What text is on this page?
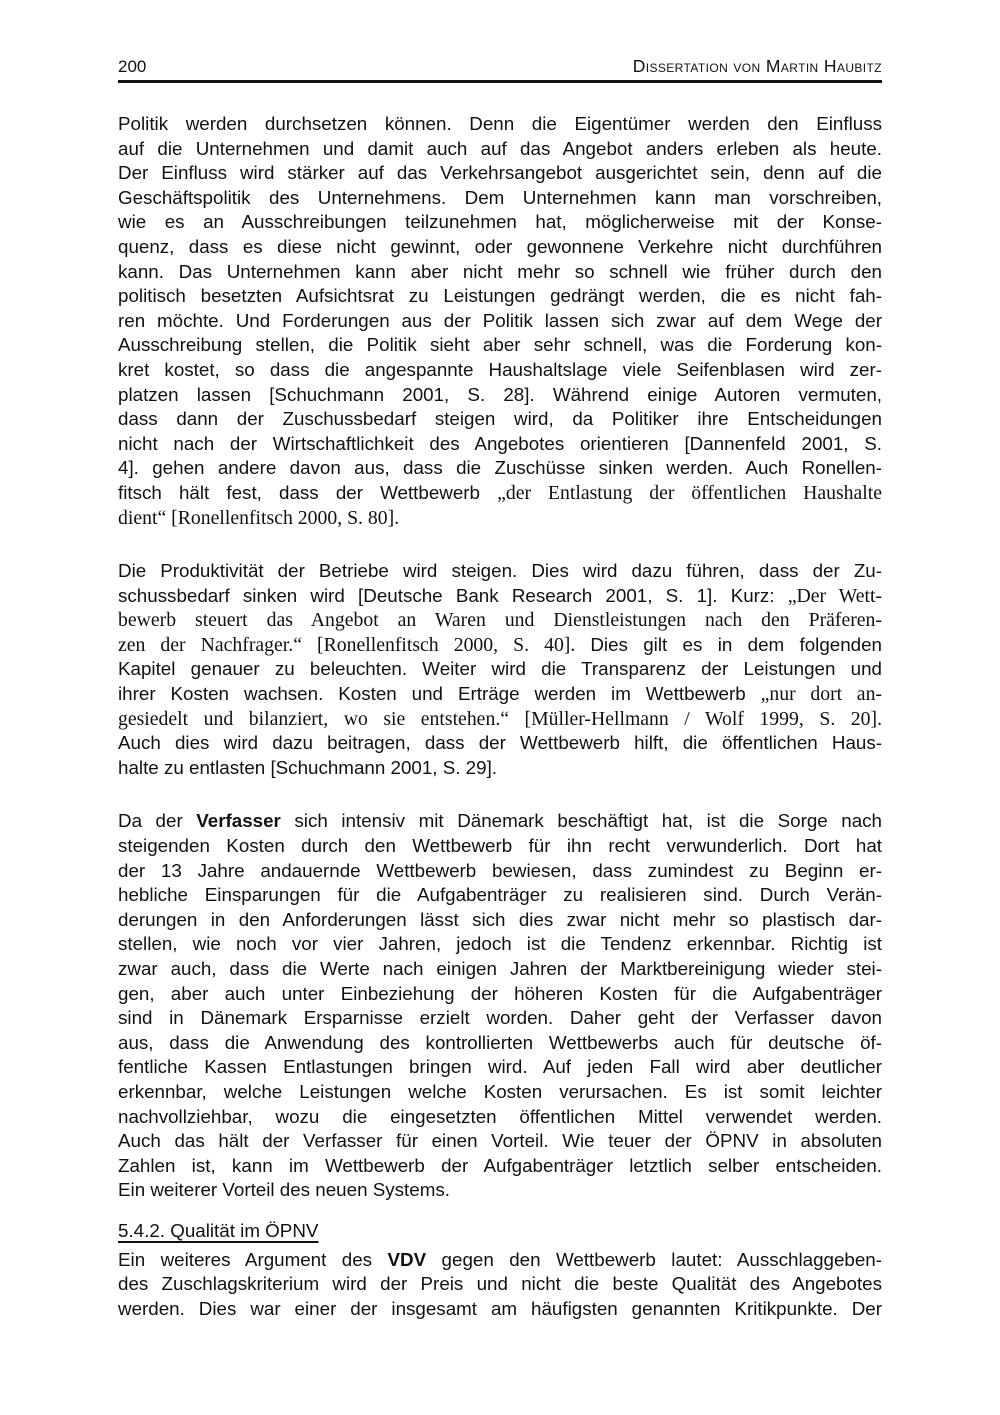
200	Dissertation von Martin Haubitz
Politik werden durchsetzen können. Denn die Eigentümer werden den Einfluss
auf die Unternehmen und damit auch auf das Angebot anders erleben als heute.
Der Einfluss wird stärker auf das Verkehrsangebot ausgerichtet sein, denn auf die
Geschäftspolitik des Unternehmens. Dem Unternehmen kann man vorschreiben,
wie es an Ausschreibungen teilzunehmen hat, möglicherweise mit der Konse-
quenz, dass es diese nicht gewinnt, oder gewonnene Verkehre nicht durchführen
kann. Das Unternehmen kann aber nicht mehr so schnell wie früher durch den
politisch besetzten Aufsichtsrat zu Leistungen gedrängt werden, die es nicht fah-
ren möchte. Und Forderungen aus der Politik lassen sich zwar auf dem Wege der
Ausschreibung stellen, die Politik sieht aber sehr schnell, was die Forderung kon-
kret kostet, so dass die angespannte Haushaltslage viele Seifenblasen wird zer-
platzen lassen [Schuchmann 2001, S. 28]. Während einige Autoren vermuten,
dass dann der Zuschussbedarf steigen wird, da Politiker ihre Entscheidungen
nicht nach der Wirtschaftlichkeit des Angebotes orientieren [Dannenfeld 2001, S.
4]. gehen andere davon aus, dass die Zuschüsse sinken werden. Auch Ronellen-
fitsch hält fest, dass der Wettbewerb „der Entlastung der öffentlichen Haushalte
dient“ [Ronellenfitsch 2000, S. 80].
Die Produktivität der Betriebe wird steigen. Dies wird dazu führen, dass der Zu-
schussbedarf sinken wird [Deutsche Bank Research 2001, S. 1]. Kurz: „Der Wett-
bewerb steuert das Angebot an Waren und Dienstleistungen nach den Präferen-
zen der Nachfrager.“ [Ronellenfitsch 2000, S. 40]. Dies gilt es in dem folgenden
Kapitel genauer zu beleuchten. Weiter wird die Transparenz der Leistungen und
ihrer Kosten wachsen. Kosten und Erträge werden im Wettbewerb „nur dort an-
gesiedelt und bilanziert, wo sie entstehen.“ [Müller-Hellmann / Wolf 1999, S. 20].
Auch dies wird dazu beitragen, dass der Wettbewerb hilft, die öffentlichen Haus-
halte zu entlasten [Schuchmann 2001, S. 29].
Da der Verfasser sich intensiv mit Dänemark beschäftigt hat, ist die Sorge nach
steigenden Kosten durch den Wettbewerb für ihn recht verwunderlich. Dort hat
der 13 Jahre andauernde Wettbewerb bewiesen, dass zumindest zu Beginn er-
hebliche Einsparungen für die Aufgabenträger zu realisieren sind. Durch Verän-
derungen in den Anforderungen lässt sich dies zwar nicht mehr so plastisch dar-
stellen, wie noch vor vier Jahren, jedoch ist die Tendenz erkennbar. Richtig ist
zwar auch, dass die Werte nach einigen Jahren der Marktbereinigung wieder stei-
gen, aber auch unter Einbeziehung der höheren Kosten für die Aufgabenträger
sind in Dänemark Ersparnisse erzielt worden. Daher geht der Verfasser davon
aus, dass die Anwendung des kontrollierten Wettbewerbs auch für deutsche öf-
fentliche Kassen Entlastungen bringen wird. Auf jeden Fall wird aber deutlicher
erkennbar, welche Leistungen welche Kosten verursachen. Es ist somit leichter
nachvollziehbar, wozu die eingesetzten öffentlichen Mittel verwendet werden.
Auch das hält der Verfasser für einen Vorteil. Wie teuer der ÖPNV in absoluten
Zahlen ist, kann im Wettbewerb der Aufgabenträger letztlich selber entscheiden.
Ein weiterer Vorteil des neuen Systems.
5.4.2. Qualität im ÖPNV
Ein weiteres Argument des VDV gegen den Wettbewerb lautet: Ausschlaggeben-
des Zuschlagskriterium wird der Preis und nicht die beste Qualität des Angebotes
werden. Dies war einer der insgesamt am häufigsten genannten Kritikpunkte. Der
